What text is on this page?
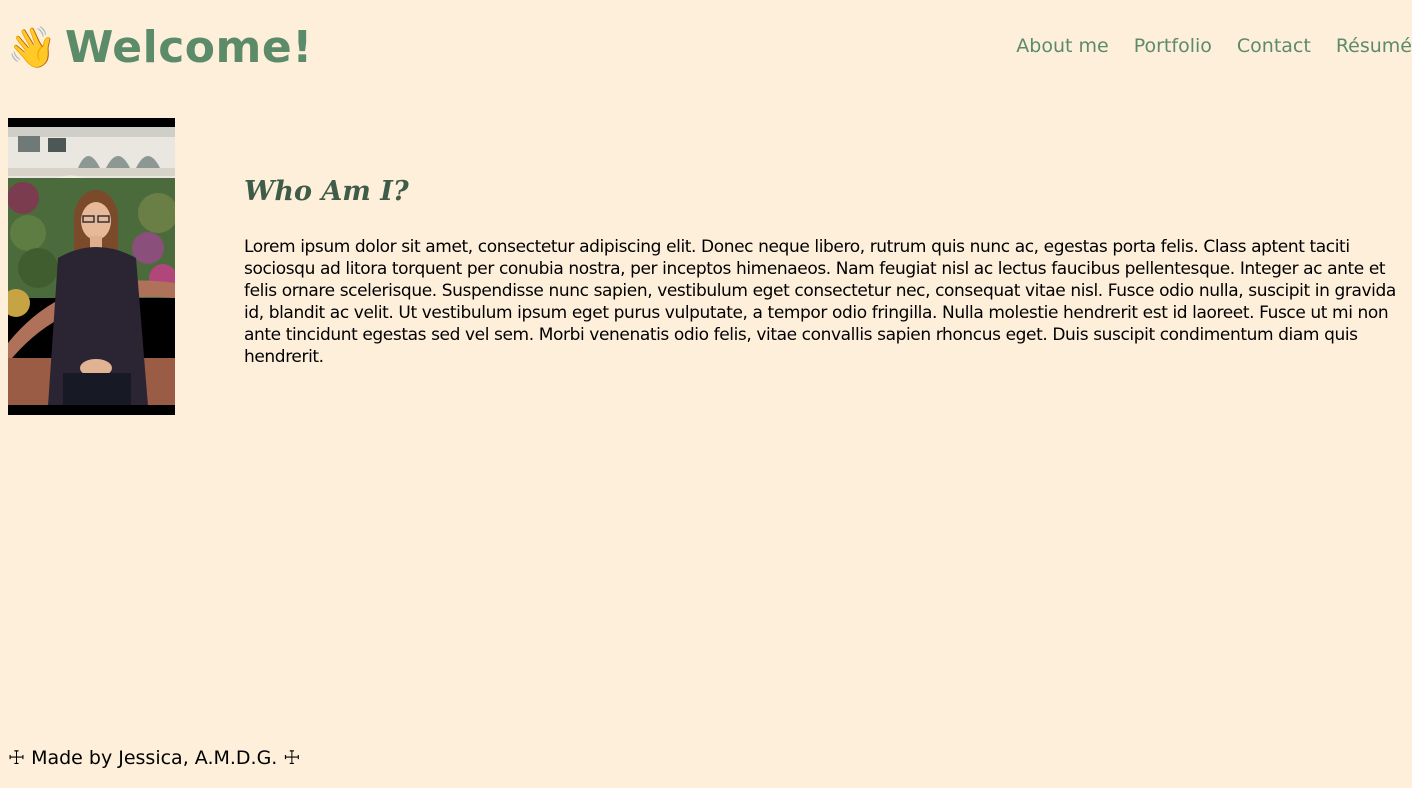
👋 Welcome!	About me Portfolio Contact Résumé
Who Am I?

Lorem ipsum dolor sit amet, consectetur adipiscing elit. Donec neque libero, rutrum quis nunc ac, egestas porta felis. Class aptent taciti sociosqu ad litora torquent per conubia nostra, per inceptos himenaeos. Nam feugiat nisl ac lectus faucibus pellentesque. Integer ac ante et felis ornare scelerisque. Suspendisse nunc sapien, vestibulum eget consectetur nec, consequat vitae nisl. Fusce odio nulla, suscipit in gravida id, blandit ac velit. Ut vestibulum ipsum eget purus vulputate, a tempor odio fringilla. Nulla molestie hendrerit est id laoreet. Fusce ut mi non ante tincidunt egestas sed vel sem. Morbi venenatis odio felis, vitae convallis sapien rhoncus eget. Duis suscipit condimentum diam quis hendrerit.

☩ Made by Jessica, A.M.D.G. ☩
